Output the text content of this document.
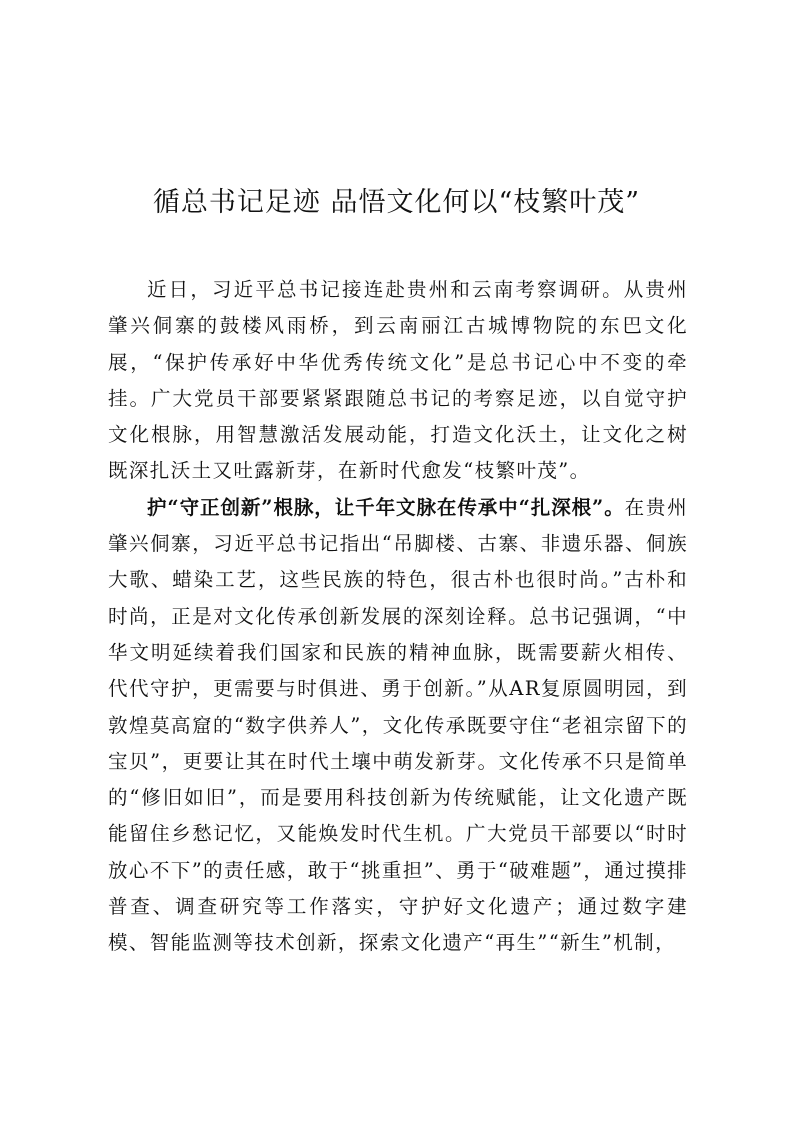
循总书记足迹 品悟文化何以“枝繁叶茂”

近日，习近平总书记接连赴贵州和云南考察调研。从贵州肇兴侗寨的鼓楼风雨桥，到云南丽江古城博物院的东巴文化展，“保护传承好中华优秀传统文化”是总书记心中不变的牵挂。广大党员干部要紧紧跟随总书记的考察足迹，以自觉守护文化根脉，用智慧激活发展动能，打造文化沃土，让文化之树既深扎沃土又吐露新芽，在新时代愈发“枝繁叶茂”。

护“守正创新”根脉，让千年文脉在传承中“扎深根”。在贵州肇兴侗寨，习近平总书记指出“吊脚楼、古寨、非遗乐器、侗族大歌、蜡染工艺，这些民族的特色，很古朴也很时尚。”古朴和时尚，正是对文化传承创新发展的深刻诠释。总书记强调，“中华文明延续着我们国家和民族的精神血脉，既需要薪火相传、代代守护，更需要与时俱进、勇于创新。”从AR复原圆明园，到敦煌莫高窟的“数字供养人”，文化传承既要守住“老祖宗留下的宝贝”，更要让其在时代土壤中萌发新芽。文化传承不只是简单的“修旧如旧”，而是要用科技创新为传统赋能，让文化遗产既能留住乡愁记忆，又能焕发时代生机。广大党员干部要以“时时放心不下”的责任感，敢于“挑重担”、勇于“破难题”，通过摸排普查、调查研究等工作落实，守护好文化遗产；通过数字建模、智能监测等技术创新，探索文化遗产“再生”“新生”机制，
